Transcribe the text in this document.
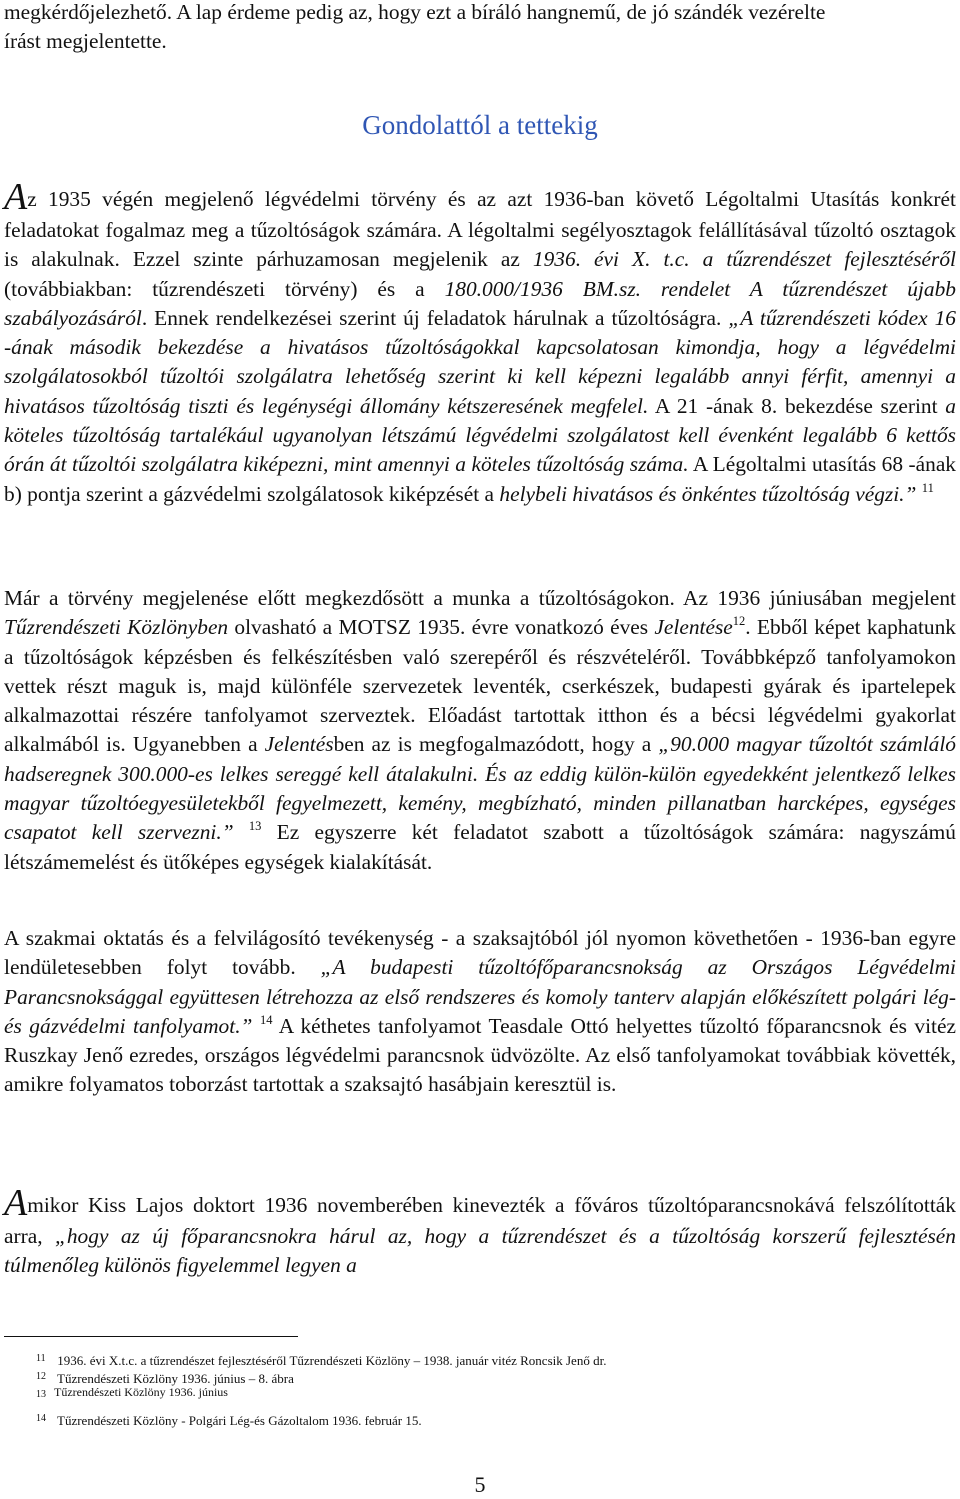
megkérdőjelezhető. A lap érdeme pedig az, hogy ezt a bíráló hangnemű, de jó szándék vezérelte
írást megjelentette.

Gondolattól a tettekig

Az 1935 végén megjelenő légvédelmi törvény és az azt 1936-ban követő Légoltalmi Utasítás konkrét feladatokat fogalmaz meg a tűzoltóságok számára. A légoltalmi segélyosztagok felállításával tűzoltó osztagok is alakulnak. Ezzel szinte párhuzamosan megjelenik az 1936. évi X. t.c. a tűzrendészet fejlesztéséről (továbbiakban: tűzrendészeti törvény) és a 180.000/1936 BM.sz. rendelet A tűzrendészet újabb szabályozásáról. Ennek rendelkezései szerint új feladatok hárulnak a tűzoltóságra. „A tűzrendészeti kódex 16 -ának második bekezdése a hivatásos tűzoltóságokkal kapcsolatosan kimondja, hogy a légvédelmi szolgálatosokból tűzoltói szolgálatra lehetőség szerint ki kell képezni legalább annyi férfit, amennyi a hivatásos tűzoltóság tiszti és legénységi állomány kétszeresének megfelel. A 21 -ának 8. bekezdése szerint a köteles tűzoltóság tartalékául ugyanolyan létszámú légvédelmi szolgálatost kell évenként legalább 6 kettős órán át tűzoltói szolgálatra kiképezni, mint amennyi a köteles tűzoltóság száma. A Légoltalmi utasítás 68 -ának b) pontja szerint a gázvédelmi szolgálatosok kiképzését a helybeli hivatásos és önkéntes tűzoltóság végzi.” $^{11}$

Már a törvény megjelenése előtt megkezdősött a munka a tűzoltóságokon. Az 1936 júniusában megjelent Tűzrendészeti Közlönyben olvasható a MOTSZ 1935. évre vonatkozó éves Jelentése$^{12}$. Ebből képet kaphatunk a tűzoltóságok képzésben és felkészítésben való szerepéről és részvételéről. Továbbképző tanfolyamokon vettek részt maguk is, majd különféle szervezetek leventék, cserkészek, budapesti gyárak és ipartelepek alkalmazottai részére tanfolyamot szerveztek. Előadást tartottak itthon és a bécsi légvédelmi gyakorlat alkalmából is. Ugyanebben a Jelentésben az is megfogalmazódott, hogy a „90.000 magyar tűzoltót számláló hadseregnek 300.000-es lelkes sereggé kell átalakulni. És az eddig külön-külön egyedekként jelentkező lelkes magyar tűzoltóegyesületekből fegyelmezett, kemény, megbízható, minden pillanatban harcképes, egységes csapatot kell szervezni.” $^{13}$ Ez egyszerre két feladatot szabott a tűzoltóságok számára: nagyszámú létszámemelést és ütőképes egységek kialakítását.

A szakmai oktatás és a felvilágosító tevékenység - a szaksajtóból jól nyomon követhetően - 1936-ban egyre lendületesebben folyt tovább. „A budapesti tűzoltófőparancsnokság az Országos Légvédelmi Parancsnoksággal együttesen létrehozza az első rendszeres és komoly tanterv alapján előkészített polgári lég- és gázvédelmi tanfolyamot.” $^{14}$ A kéthetes tanfolyamot Teasdale Ottó helyettes tűzoltó főparancsnok és vitéz Ruszkay Jenő ezredes, országos légvédelmi parancsnok üdvözölte. Az első tanfolyamokat továbbiak követték, amikre folyamatos toborzást tartottak a szaksajtó hasábjain keresztül is.

Amikor Kiss Lajos doktort 1936 novemberében kinevezték a főváros tűzoltóparancsnokává felszólították arra, „hogy az új főparancsnokra hárul az, hogy a tűzrendészet és a tűzoltóság korszerű fejlesztésén túlmenőleg különös figyelemmel legyen a

11 1936. évi X.t.c. a tűzrendészet fejlesztéséről Tűzrendészeti Közlöny – 1938. január vitéz Roncsik Jenő dr.

12 Tűzrendészeti Közlöny 1936. június – 8. ábra

13 Tűzrendészeti Közlöny 1936. június

14 Tűzrendészeti Közlöny - Polgári Lég-és Gázoltalom 1936. február 15.

5
